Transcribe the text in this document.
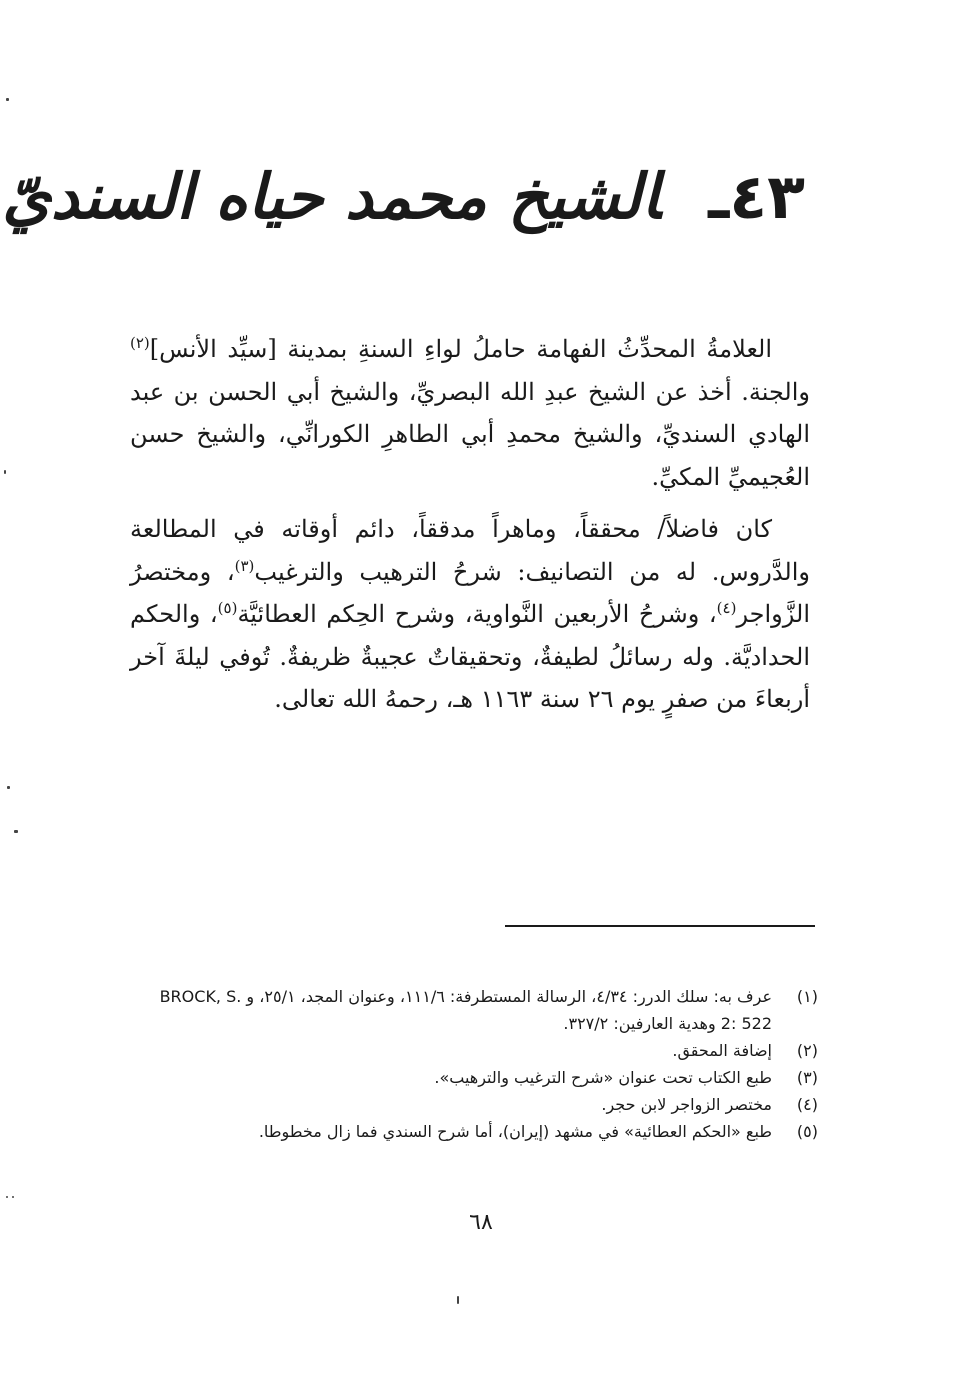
٤٣ـالشيخ محمد حياه السنديّ

العلامةُ المحدِّثُ الفهامة حاملُ لواءِ السنةِ بمدينة [سيِّد الأنس]$^{(٢)}$ والجنة. أخذ عن الشيخ عبدِ الله البصريِّ، والشيخ أبي الحسن بن عبد الهادي السنديِّ، والشيخ محمدِ أبي الطاهرِ الكورانِّي، والشيخ حسن العُجيميِّ المكيِّ.

كان فاضلاً/ محققاً، وماهراً مدققاً، دائم أوقاته في المطالعة والدَّروس. له من التصانيف: شرحُ الترهيب والترغيب$^{(٣)}$، ومختصرُ الزَّواجر$^{(٤)}$، وشرحُ الأربعين النَّواوية، وشرح الحِكم العطائيَّة$^{(٥)}$، والحكم الحداديَّة. وله رسائلُ لطيفةٌ، وتحقيقاتٌ عجيبةٌ ظريفةٌ. تُوفي ليلةَ آخر أربعاءَ من صفرٍ يوم ٢٦ سنة ١١٦٣ هـ، رحمهُ الله تعالى.

(١)
عرف به: سلك الدرر: ٤/٣٤، الرسالة المستطرفة: ١١١/٦، وعنوان المجد، ٢٥/١، و BROCK, S. 2: 522 وهدية العارفين: ٣٢٧/٢.
(٢)
إضافة المحقق.
(٣)
طبع الكتاب تحت عنوان «شرح الترغيب والترهيب».
(٤)
مختصر الزواجر لابن حجر.
(٥)
طبع «الحكم العطائية» في مشهد (إيران)، أما شرح السندي فما زال مخطوطا.
٦٨
